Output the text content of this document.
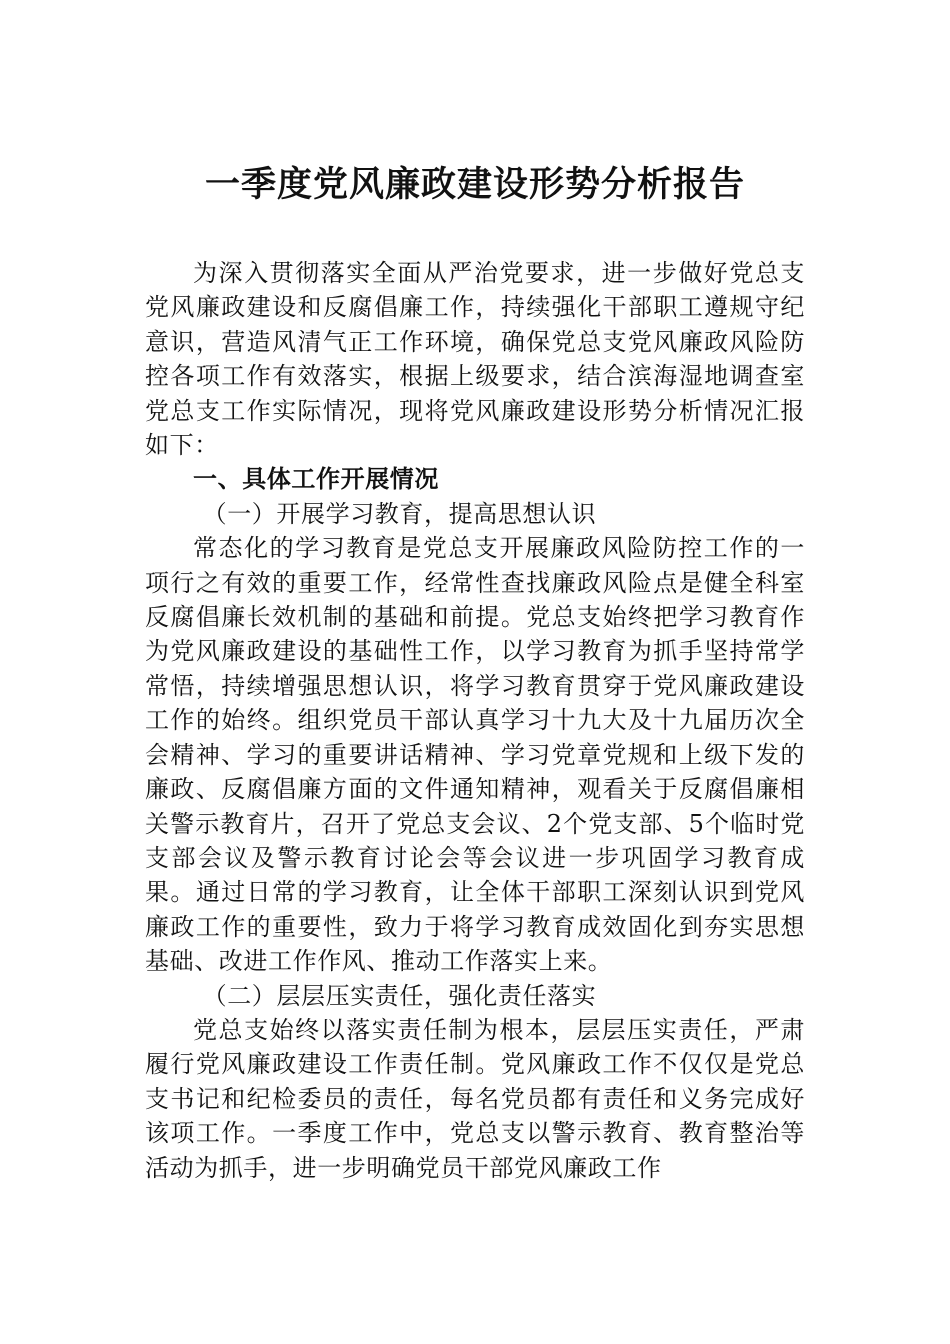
一季度党风廉政建设形势分析报告

为深入贯彻落实全面从严治党要求，进一步做好党总支党风廉政建设和反腐倡廉工作，持续强化干部职工遵规守纪意识，营造风清气正工作环境，确保党总支党风廉政风险防控各项工作有效落实，根据上级要求，结合滨海湿地调查室党总支工作实际情况，现将党风廉政建设形势分析情况汇报如下：

一、具体工作开展情况

（一）开展学习教育，提高思想认识

常态化的学习教育是党总支开展廉政风险防控工作的一项行之有效的重要工作，经常性查找廉政风险点是健全科室反腐倡廉长效机制的基础和前提。党总支始终把学习教育作为党风廉政建设的基础性工作，以学习教育为抓手坚持常学常悟，持续增强思想认识，将学习教育贯穿于党风廉政建设工作的始终。组织党员干部认真学习十九大及十九届历次全会精神、学习的重要讲话精神、学习党章党规和上级下发的廉政、反腐倡廉方面的文件通知精神，观看关于反腐倡廉相关警示教育片，召开了党总支会议、2个党支部、5个临时党支部会议及警示教育讨论会等会议进一步巩固学习教育成果。通过日常的学习教育，让全体干部职工深刻认识到党风廉政工作的重要性，致力于将学习教育成效固化到夯实思想基础、改进工作作风、推动工作落实上来。

（二）层层压实责任，强化责任落实

党总支始终以落实责任制为根本，层层压实责任，严肃履行党风廉政建设工作责任制。党风廉政工作不仅仅是党总支书记和纪检委员的责任，每名党员都有责任和义务完成好该项工作。一季度工作中，党总支以警示教育、教育整治等活动为抓手，进一步明确党员干部党风廉政工作
